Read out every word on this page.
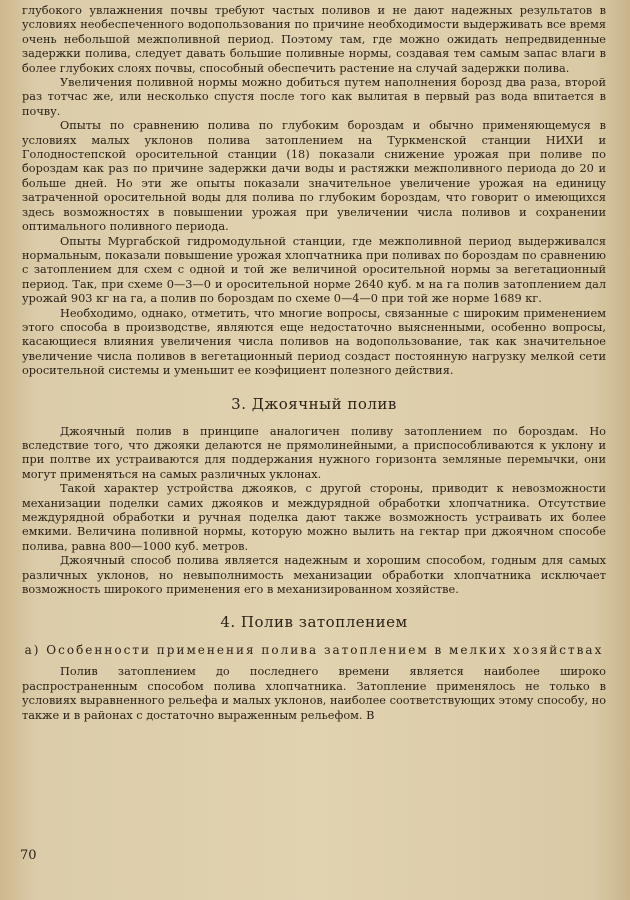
глубокого увлажнения почвы требуют частых поливов и не дают надежных результатов в условиях необеспеченного водопользования по причине необходимости выдерживать все время очень небольшой межполивной период. Поэтому там, где можно ожидать непредвиденные задержки полива, следует давать большие поливные нормы, создавая тем самым запас влаги в более глубоких слоях почвы, способный обеспечить растение на случай задержки полива.

Увеличения поливной нормы можно добиться путем наполнения борозд два раза, второй раз тотчас же, или несколько спустя после того как вылитая в первый раз вода впитается в почву.

Опыты по сравнению полива по глубоким бороздам и обычно применяющемуся в условиях малых уклонов полива затоплением на Туркменской станции НИХИ и Голодностепской оросительной станции (18) показали снижение урожая при поливе по бороздам как раз по причине задержки дачи воды и растяжки межполивного периода до 20 и больше дней. Но эти же опыты показали значительное увеличение урожая на единицу затраченной оросительной воды для полива по глубоким бороздам, что говорит о имеющихся здесь возможностях в повышении урожая при увеличении числа поливов и сохранении оптимального поливного периода.

Опыты Мургабской гидромодульной станции, где межполивной период выдерживался нормальным, показали повышение урожая хлопчатника при поливах по бороздам по сравнению с затоплением для схем с одной и той же величиной оросительной нормы за вегетационный период. Так, при схеме 0—3—0 и оросительной норме 2640 куб. м на га полив затоплением дал урожай 903 кг на га, а полив по бороздам по схеме 0—4—0 при той же норме 1689 кг.

Необходимо, однако, отметить, что многие вопросы, связанные с широким применением этого способа в производстве, являются еще недостаточно выясненными, особенно вопросы, касающиеся влияния увеличения числа поливов на водопользование, так как значительное увеличение числа поливов в вегетационный период создаст постоянную нагрузку мелкой сети оросительной системы и уменьшит ее коэфициент полезного действия.

3. Джоячный полив

Джоячный полив в принципе аналогичен поливу затоплением по бороздам. Но вследствие того, что джояки делаются не прямолинейными, а приспособливаются к уклону и при полтве их устраиваются для поддержания нужного горизонта земляные перемычки, они могут применяться на самых различных уклонах.

Такой характер устройства джояков, с другой стороны, приводит к невозможности механизации поделки самих джояков и междурядной обработки хлопчатника. Отсутствие междурядной обработки и ручная поделка дают также возможность устраивать их более емкими. Величина поливной нормы, которую можно вылить на гектар при джоячном способе полива, равна 800—1000 куб. метров.

Джоячный способ полива является надежным и хорошим способом, годным для самых различных уклонов, но невыполнимость механизации обработки хлопчатника исключает возможность широкого применения его в механизированном хозяйстве.

4. Полив затоплением
а) Особенности применения полива затоплением в мелких хозяйствах

Полив затоплением до последнего времени является наиболее широко распространенным способом полива хлопчатника. Затопление применялось не только в условиях выравненного рельефа и малых уклонов, наиболее соответствующих этому способу, но также и в районах с достаточно выраженным рельефом. В

70
